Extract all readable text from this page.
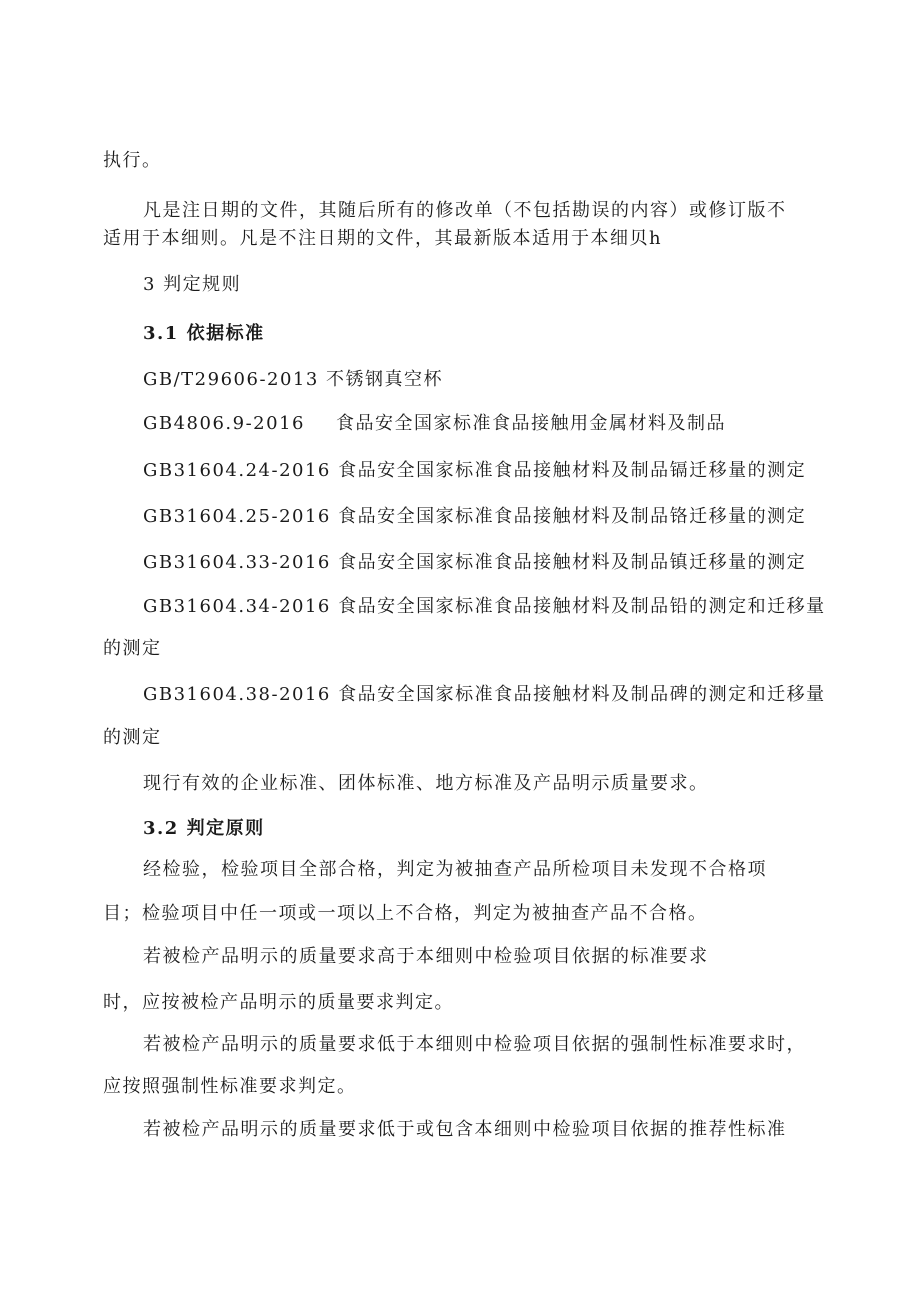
执行。
凡是注日期的文件，其随后所有的修改单（不包括勘误的内容）或修订版不
适用于本细则。凡是不注日期的文件，其最新版本适用于本细贝h
3 判定规则
3.1 依据标准
GB/T29606-2013 不锈钢真空杯
GB4806.9-2016 食品安全国家标准食品接触用金属材料及制品
GB31604.24-2016 食品安全国家标准食品接触材料及制品镉迁移量的测定
GB31604.25-2016 食品安全国家标准食品接触材料及制品铬迁移量的测定
GB31604.33-2016 食品安全国家标准食品接触材料及制品镇迁移量的测定
GB31604.34-2016 食品安全国家标准食品接触材料及制品铅的测定和迁移量
的测定
GB31604.38-2016 食品安全国家标准食品接触材料及制品碑的测定和迁移量
的测定
现行有效的企业标准、团体标准、地方标准及产品明示质量要求。
3.2 判定原则
经检验，检验项目全部合格，判定为被抽查产品所检项目未发现不合格项
目；检验项目中任一项或一项以上不合格，判定为被抽查产品不合格。
若被检产品明示的质量要求高于本细则中检验项目依据的标准要求
时，应按被检产品明示的质量要求判定。
若被检产品明示的质量要求低于本细则中检验项目依据的强制性标准要求时，
应按照强制性标准要求判定。
若被检产品明示的质量要求低于或包含本细则中检验项目依据的推荐性标准
